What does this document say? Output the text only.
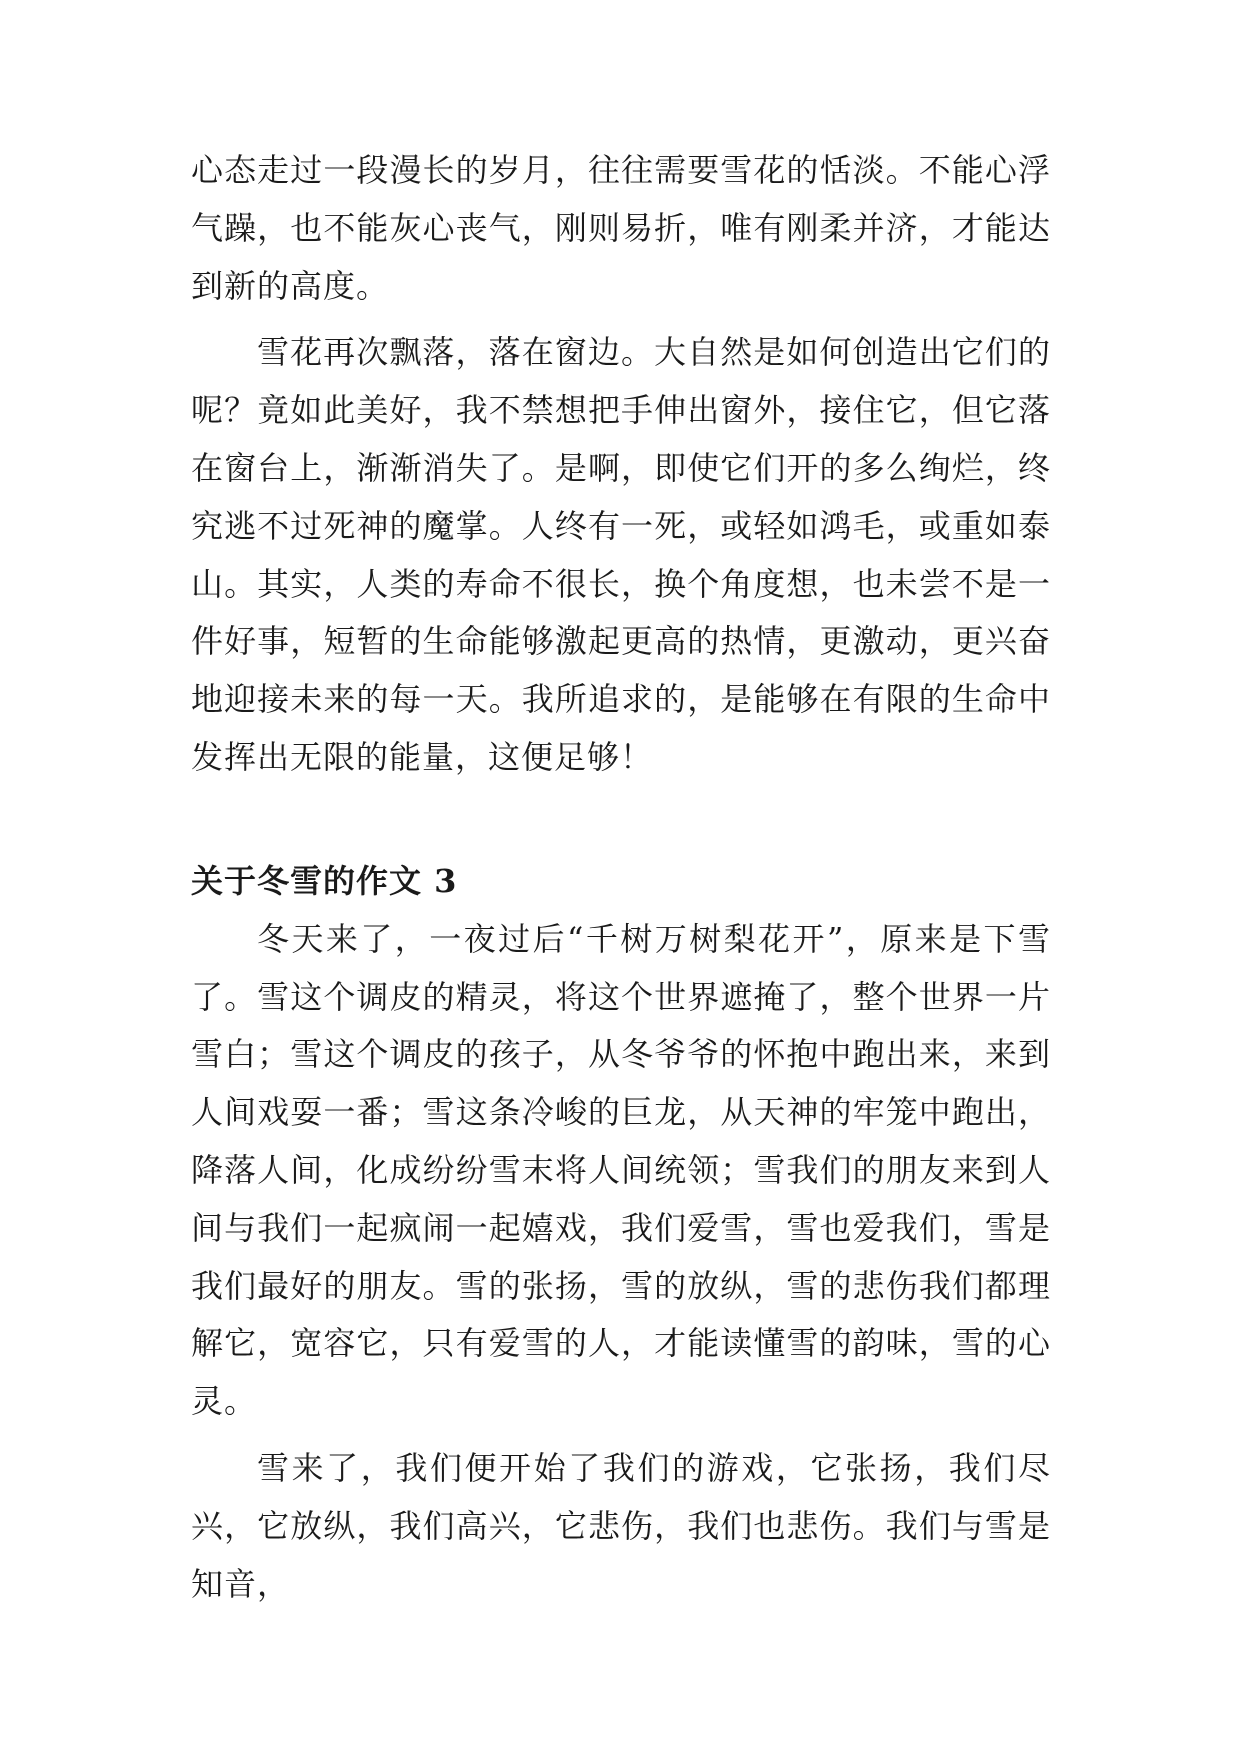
心态走过一段漫长的岁月，往往需要雪花的恬淡。不能心浮气躁，也不能灰心丧气，刚则易折，唯有刚柔并济，才能达到新的高度。

雪花再次飘落，落在窗边。大自然是如何创造出它们的呢？竟如此美好，我不禁想把手伸出窗外，接住它，但它落在窗台上，渐渐消失了。是啊，即使它们开的多么绚烂，终究逃不过死神的魔掌。人终有一死，或轻如鸿毛，或重如泰山。其实，人类的寿命不很长，换个角度想，也未尝不是一件好事，短暂的生命能够激起更高的热情，更激动，更兴奋地迎接未来的每一天。我所追求的，是能够在有限的生命中发挥出无限的能量，这便足够！

关于冬雪的作文 3

冬天来了，一夜过后“千树万树梨花开”，原来是下雪了。雪这个调皮的精灵，将这个世界遮掩了，整个世界一片雪白；雪这个调皮的孩子，从冬爷爷的怀抱中跑出来，来到人间戏耍一番；雪这条冷峻的巨龙，从天神的牢笼中跑出，降落人间，化成纷纷雪末将人间统领；雪我们的朋友来到人间与我们一起疯闹一起嬉戏，我们爱雪，雪也爱我们，雪是我们最好的朋友。雪的张扬，雪的放纵，雪的悲伤我们都理解它，宽容它，只有爱雪的人，才能读懂雪的韵味，雪的心灵。

雪来了，我们便开始了我们的游戏，它张扬，我们尽兴，它放纵，我们高兴，它悲伤，我们也悲伤。我们与雪是知音，
